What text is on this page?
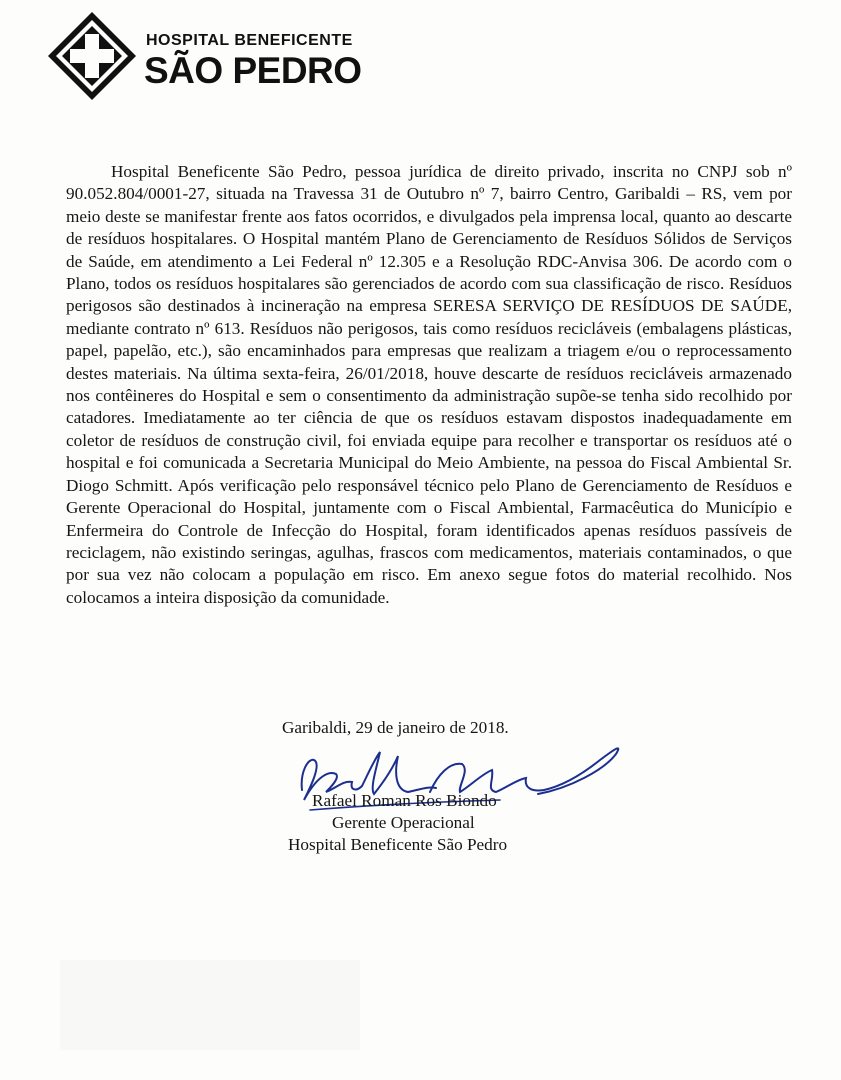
HOSPITAL BENEFICENTE
SÃO PEDRO

Hospital Beneficente São Pedro, pessoa jurídica de direito privado, inscrita no CNPJ sob nº 90.052.804/0001-27, situada na Travessa 31 de Outubro nº 7, bairro Centro, Garibaldi – RS, vem por meio deste se manifestar frente aos fatos ocorridos, e divulgados pela imprensa local, quanto ao descarte de resíduos hospitalares. O Hospital mantém Plano de Gerenciamento de Resíduos Sólidos de Serviços de Saúde, em atendimento a Lei Federal nº 12.305 e a Resolução RDC-Anvisa 306. De acordo com o Plano, todos os resíduos hospitalares são gerenciados de acordo com sua classificação de risco. Resíduos perigosos são destinados à incineração na empresa SERESA SERVIÇO DE RESÍDUOS DE SAÚDE, mediante contrato nº 613. Resíduos não perigosos, tais como resíduos recicláveis (embalagens plásticas, papel, papelão, etc.), são encaminhados para empresas que realizam a triagem e/ou o reprocessamento destes materiais. Na última sexta-feira, 26/01/2018, houve descarte de resíduos recicláveis armazenado nos contêineres do Hospital e sem o consentimento da administração supõe-se tenha sido recolhido por catadores. Imediatamente ao ter ciência de que os resíduos estavam dispostos inadequadamente em coletor de resíduos de construção civil, foi enviada equipe para recolher e transportar os resíduos até o hospital e foi comunicada a Secretaria Municipal do Meio Ambiente, na pessoa do Fiscal Ambiental Sr. Diogo Schmitt. Após verificação pelo responsável técnico pelo Plano de Gerenciamento de Resíduos e Gerente Operacional do Hospital, juntamente com o Fiscal Ambiental, Farmacêutica do Município e Enfermeira do Controle de Infecção do Hospital, foram identificados apenas resíduos passíveis de reciclagem, não existindo seringas, agulhas, frascos com medicamentos, materiais contaminados, o que por sua vez não colocam a população em risco. Em anexo segue fotos do material recolhido. Nos colocamos a inteira disposição da comunidade.

Garibaldi, 29 de janeiro de 2018.
Rafael Roman Ros Biondo
Gerente Operacional
Hospital Beneficente São Pedro
